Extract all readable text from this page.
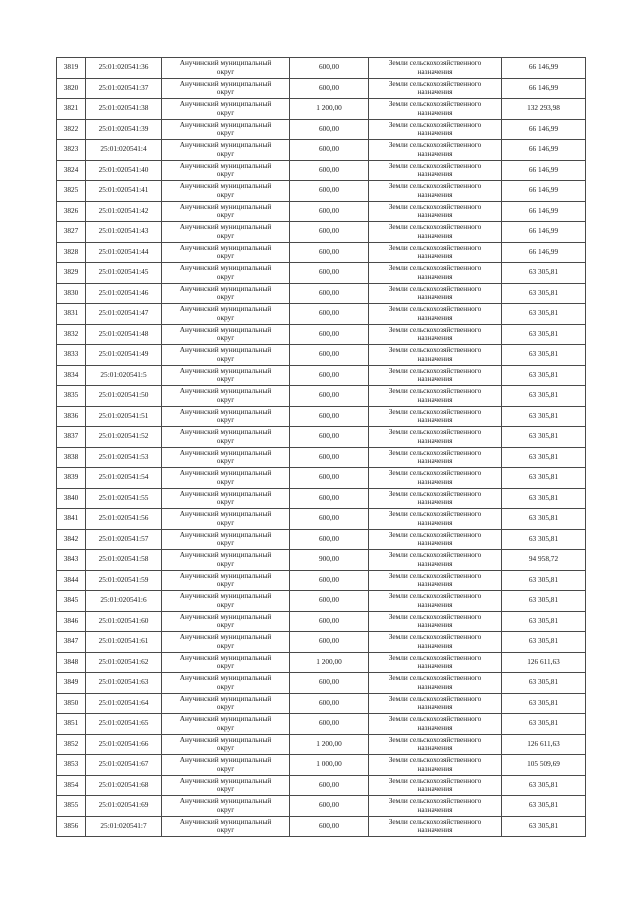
3819	25:01:020541:36	Анучинский муниципальный
округ	600,00	Земли сельскохозяйственного
назначения	66 146,99
3820	25:01:020541:37	Анучинский муниципальный
округ	600,00	Земли сельскохозяйственного
назначения	66 146,99
3821	25:01:020541:38	Анучинский муниципальный
округ	1 200,00	Земли сельскохозяйственного
назначения	132 293,98
3822	25:01:020541:39	Анучинский муниципальный
округ	600,00	Земли сельскохозяйственного
назначения	66 146,99
3823	25:01:020541:4	Анучинский муниципальный
округ	600,00	Земли сельскохозяйственного
назначения	66 146,99
3824	25:01:020541:40	Анучинский муниципальный
округ	600,00	Земли сельскохозяйственного
назначения	66 146,99
3825	25:01:020541:41	Анучинский муниципальный
округ	600,00	Земли сельскохозяйственного
назначения	66 146,99
3826	25:01:020541:42	Анучинский муниципальный
округ	600,00	Земли сельскохозяйственного
назначения	66 146,99
3827	25:01:020541:43	Анучинский муниципальный
округ	600,00	Земли сельскохозяйственного
назначения	66 146,99
3828	25:01:020541:44	Анучинский муниципальный
округ	600,00	Земли сельскохозяйственного
назначения	66 146,99
3829	25:01:020541:45	Анучинский муниципальный
округ	600,00	Земли сельскохозяйственного
назначения	63 305,81
3830	25:01:020541:46	Анучинский муниципальный
округ	600,00	Земли сельскохозяйственного
назначения	63 305,81
3831	25:01:020541:47	Анучинский муниципальный
округ	600,00	Земли сельскохозяйственного
назначения	63 305,81
3832	25:01:020541:48	Анучинский муниципальный
округ	600,00	Земли сельскохозяйственного
назначения	63 305,81
3833	25:01:020541:49	Анучинский муниципальный
округ	600,00	Земли сельскохозяйственного
назначения	63 305,81
3834	25:01:020541:5	Анучинский муниципальный
округ	600,00	Земли сельскохозяйственного
назначения	63 305,81
3835	25:01:020541:50	Анучинский муниципальный
округ	600,00	Земли сельскохозяйственного
назначения	63 305,81
3836	25:01:020541:51	Анучинский муниципальный
округ	600,00	Земли сельскохозяйственного
назначения	63 305,81
3837	25:01:020541:52	Анучинский муниципальный
округ	600,00	Земли сельскохозяйственного
назначения	63 305,81
3838	25:01:020541:53	Анучинский муниципальный
округ	600,00	Земли сельскохозяйственного
назначения	63 305,81
3839	25:01:020541:54	Анучинский муниципальный
округ	600,00	Земли сельскохозяйственного
назначения	63 305,81
3840	25:01:020541:55	Анучинский муниципальный
округ	600,00	Земли сельскохозяйственного
назначения	63 305,81
3841	25:01:020541:56	Анучинский муниципальный
округ	600,00	Земли сельскохозяйственного
назначения	63 305,81
3842	25:01:020541:57	Анучинский муниципальный
округ	600,00	Земли сельскохозяйственного
назначения	63 305,81
3843	25:01:020541:58	Анучинский муниципальный
округ	900,00	Земли сельскохозяйственного
назначения	94 958,72
3844	25:01:020541:59	Анучинский муниципальный
округ	600,00	Земли сельскохозяйственного
назначения	63 305,81
3845	25:01:020541:6	Анучинский муниципальный
округ	600,00	Земли сельскохозяйственного
назначения	63 305,81
3846	25:01:020541:60	Анучинский муниципальный
округ	600,00	Земли сельскохозяйственного
назначения	63 305,81
3847	25:01:020541:61	Анучинский муниципальный
округ	600,00	Земли сельскохозяйственного
назначения	63 305,81
3848	25:01:020541:62	Анучинский муниципальный
округ	1 200,00	Земли сельскохозяйственного
назначения	126 611,63
3849	25:01:020541:63	Анучинский муниципальный
округ	600,00	Земли сельскохозяйственного
назначения	63 305,81
3850	25:01:020541:64	Анучинский муниципальный
округ	600,00	Земли сельскохозяйственного
назначения	63 305,81
3851	25:01:020541:65	Анучинский муниципальный
округ	600,00	Земли сельскохозяйственного
назначения	63 305,81
3852	25:01:020541:66	Анучинский муниципальный
округ	1 200,00	Земли сельскохозяйственного
назначения	126 611,63
3853	25:01:020541:67	Анучинский муниципальный
округ	1 000,00	Земли сельскохозяйственного
назначения	105 509,69
3854	25:01:020541:68	Анучинский муниципальный
округ	600,00	Земли сельскохозяйственного
назначения	63 305,81
3855	25:01:020541:69	Анучинский муниципальный
округ	600,00	Земли сельскохозяйственного
назначения	63 305,81
3856	25:01:020541:7	Анучинский муниципальный
округ	600,00	Земли сельскохозяйственного
назначения	63 305,81
